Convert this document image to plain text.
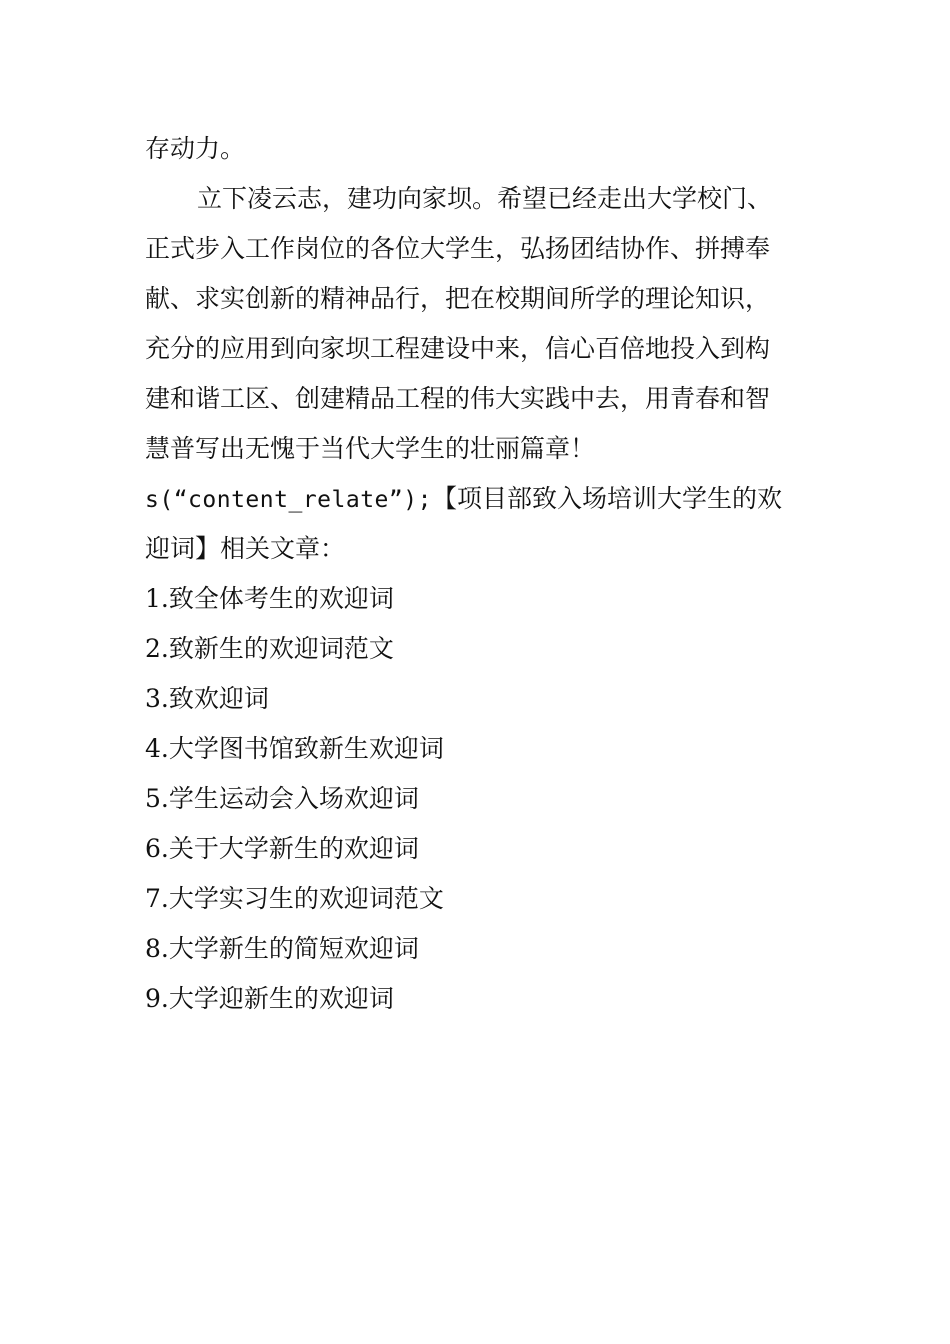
存动力。
立下凌云志，建功向家坝。希望已经走出大学校门、
正式步入工作岗位的各位大学生，弘扬团结协作、拼搏奉
献、求实创新的精神品行，把在校期间所学的理论知识，
充分的应用到向家坝工程建设中来，信心百倍地投入到构
建和谐工区、创建精品工程的伟大实践中去，用青春和智
慧普写出无愧于当代大学生的壮丽篇章！
s(“content_relate”);【项目部致入场培训大学生的欢
迎词】相关文章：
1.致全体考生的欢迎词
2.致新生的欢迎词范文
3.致欢迎词
4.大学图书馆致新生欢迎词
5.学生运动会入场欢迎词
6.关于大学新生的欢迎词
7.大学实习生的欢迎词范文
8.大学新生的简短欢迎词
9.大学迎新生的欢迎词
